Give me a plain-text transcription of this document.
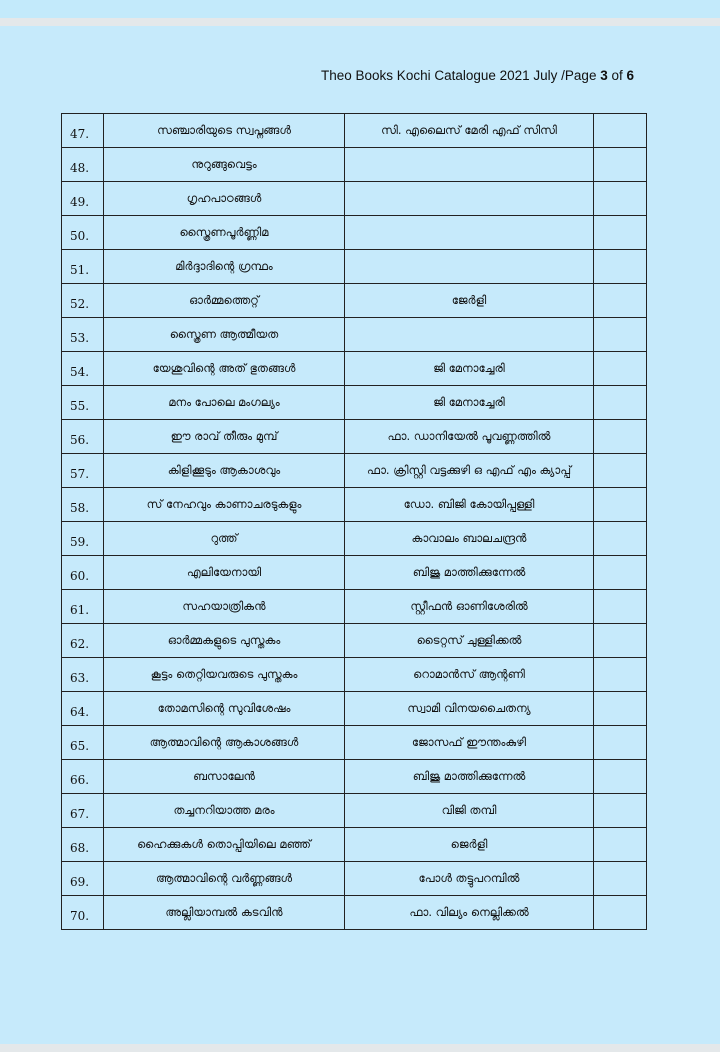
Theo Books Kochi Catalogue 2021 July /Page 3 of 6
47.	സഞ്ചാരിയുടെ സ്വപ്നങ്ങൾ	സി. എലൈസ് മേരി എഫ് സിസി	
48.	നുറുങ്ങുവെട്ടം		
49.	ഗൃഹപാഠങ്ങൾ		
50.	സ്ത്രൈണപൂർണ്ണിമ		
51.	മിർദ്ദാദിന്റെ ഗ്രന്ഥം		
52.	ഓർമ്മത്തെറ്റ്	ജേർളി	
53.	സ്ത്രൈണ ആത്മീയത		
54.	യേശുവിന്റെ അത് ഭുതങ്ങൾ	ജി മേനാച്ചേരി	
55.	മനം പോലെ മംഗല്യം	ജി മേനാച്ചേരി	
56.	ഈ രാവ് തീരും മുമ്പ്	ഫാ. ഡാനിയേൽ പൂവണ്ണത്തിൽ	
57.	കിളിക്കൂടും ആകാശവും	ഫാ. ക്രിസ്റ്റി വട്ടക്കുഴി ഒ എഫ് എം ക്യാപ്പ്	
58.	സ് നേഹവും കാണാചരടുകളും	ഡോ. ബിജി കോയിപ്പള്ളി	
59.	റുത്ത്	കാവാലം ബാലചന്ദ്രൻ	
60.	എലിയേനായി	ബിജു മാത്തിക്കുന്നേൽ	
61.	സഹയാത്രികൻ	സ്റ്റീഫൻ ഓണിശേരിൽ	
62.	ഓർമ്മകളുടെ പുസ്തകം	ടൈറ്റസ് ചുള്ളിക്കൽ	
63.	കൂട്ടം തെറ്റിയവരുടെ പുസ്തകം	റൊമാൻസ് ആന്റണി	
64.	തോമസിന്റെ സുവിശേഷം	സ്വാമി വിനയചൈതന്യ	
65.	ആത്മാവിന്റെ ആകാശങ്ങൾ	ജോസഫ് ഈന്തംകുഴി	
66.	ബസാലേൻ	ബിജു മാത്തിക്കുന്നേൽ	
67.	തച്ചനറിയാത്ത മരം	വിജി തമ്പി	
68.	ഹൈക്കുകൾ തൊപ്പിയിലെ മഞ്ഞ്	ജെർളി	
69.	ആത്മാവിന്റെ വർണ്ണങ്ങൾ	പോൾ തട്ടുപറമ്പിൽ	
70.	അല്ലിയാമ്പൽ കടവിൻ	ഫാ. വില്യം നെല്ലിക്കൽ	
